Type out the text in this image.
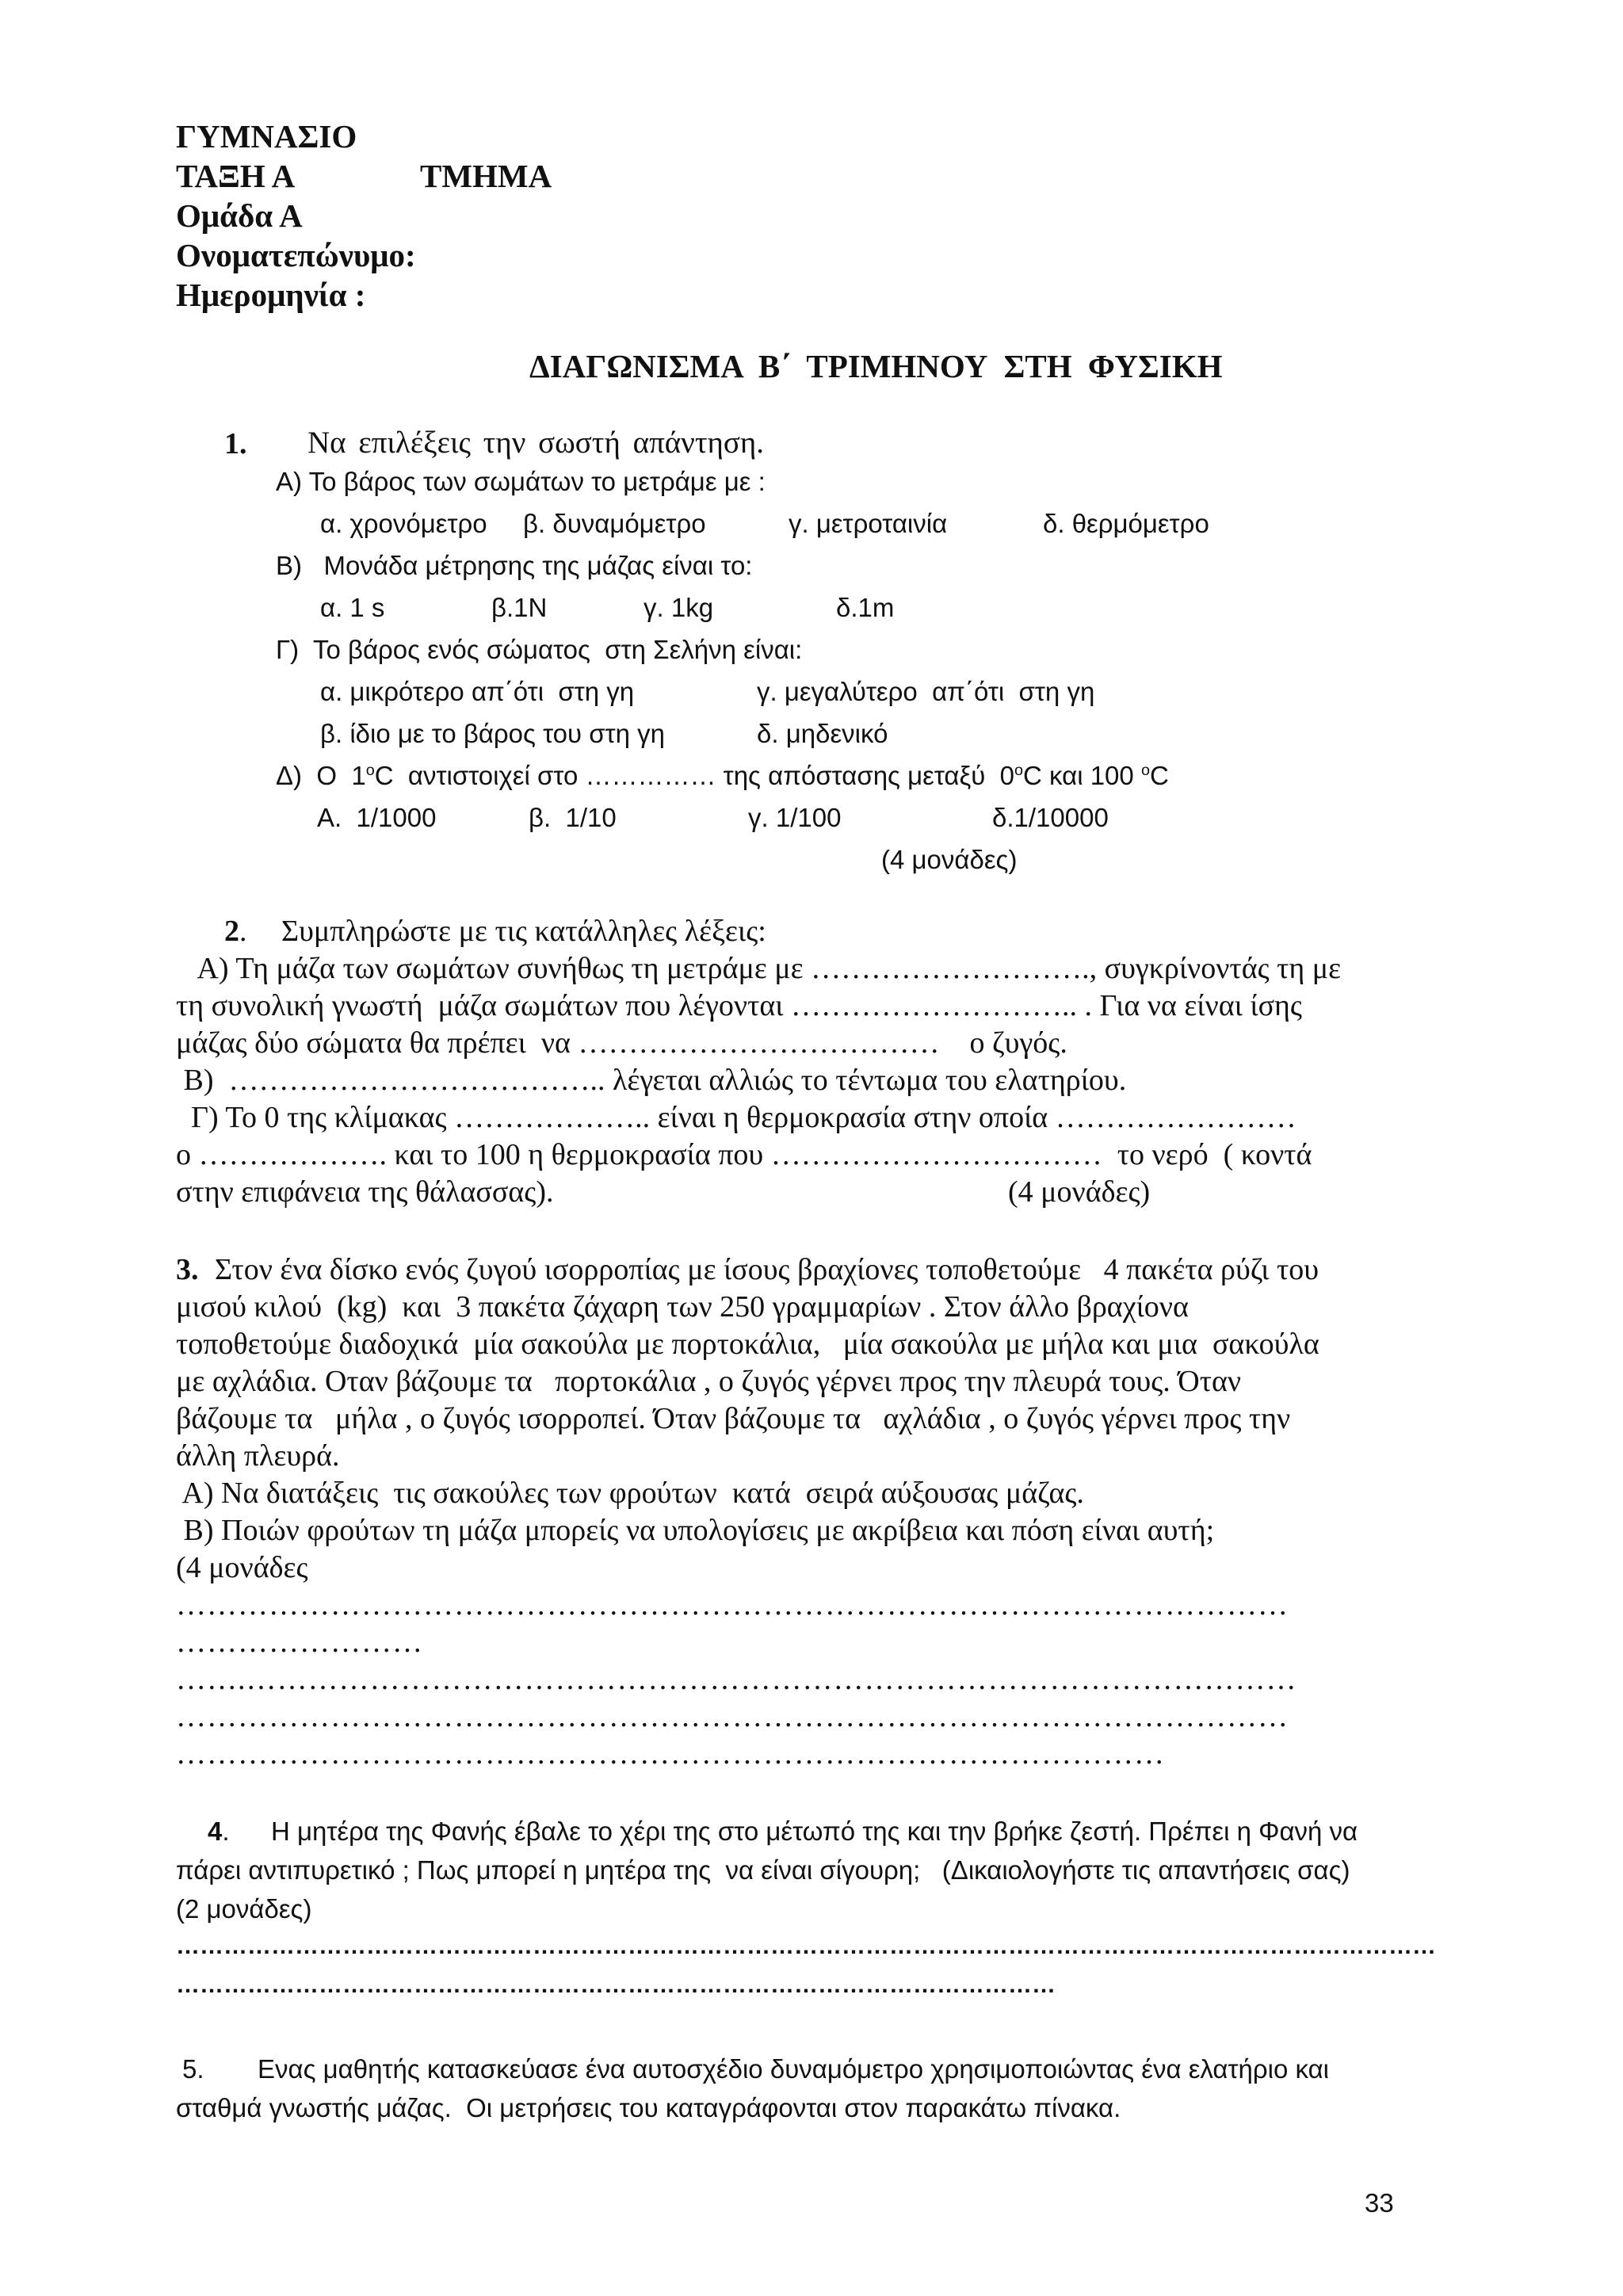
ΓΥΜΝΑΣΙΟ
ΤΑΞΗ Α	ΤΜΗΜΑ
Ομάδα Α
Ονοματεπώνυμο:
Ημερομηνία :
ΔΙΑΓΩΝΙΣΜΑ Β΄ ΤΡΙΜΗΝΟΥ ΣΤΗ ΦΥΣΙΚΗ
1. Να επιλέξεις την σωστή απάντηση.
Α) Το βάρος των σωμάτων το μετράμε με :
α. χρονόμετρο β. δυναμόμετρο	γ. μετροταινία	δ. θερμόμετρο
Β)   Μονάδα μέτρησης της μάζας είναι το:
α. 1 s	β.1Ν	γ. 1kg	δ.1m
Γ)  Το βάρος ενός σώματος  στη Σελήνη είναι:
α. μικρότερο απ΄ότι  στη γη	γ. μεγαλύτερο  απ΄ότι  στη γη
β. ίδιο με το βάρος του στη γη	δ. μηδενικό
Δ)  Ο  $1^oC$  αντιστοιχεί στο …………… της απόστασης μεταξύ  $0^oC$ και 100 $^o$C
Α.  1/1000	β.  1/10	γ. 1/100	δ.1/10000
(4 μονάδες)
2. Συμπληρώστε με τις κατάλληλες λέξεις:
Α) Τη μάζα των σωμάτων συνήθως τη μετράμε με ………………………., συγκρίνοντάς τη με
τη συνολική γνωστή  μάζα σωμάτων που λέγονται ……………………….. . Για να είναι ίσης
μάζας δύο σώματα θα πρέπει  να ………………………………    ο ζυγός.
Β)  ……………………………….. λέγεται αλλιώς το τέντωμα του ελατηρίου.
Γ) Το 0 της κλίμακας ……………….. είναι η θερμοκρασία στην οποία ……………………
ο ………………. και το 100 η θερμοκρασία που ……………………………  το νερό  ( κοντά
στην επιφάνεια της θάλασσας).	(4 μονάδες)
3. Στον ένα δίσκο ενός ζυγού ισορροπίας με ίσους βραχίονες τοποθετούμε   4 πακέτα ρύζι του
μισού κιλού  (kg)  και  3 πακέτα ζάχαρη των 250 γραμμαρίων . Στον άλλο βραχίονα
τοποθετούμε διαδοχικά  μία σακούλα με πορτοκάλια,   μία σακούλα με μήλα και μια  σακούλα
με αχλάδια. Οταν βάζουμε τα   πορτοκάλια , ο ζυγός γέρνει προς την πλευρά τους. Όταν
βάζουμε τα   μήλα , ο ζυγός ισορροπεί. Όταν βάζουμε τα   αχλάδια , ο ζυγός γέρνει προς την
άλλη πλευρά.
Α) Να διατάξεις  τις σακούλες των φρούτων  κατά  σειρά αύξουσας μάζας.
Β) Ποιών φρούτων τη μάζα μπορείς να υπολογίσεις με ακρίβεια και πόση είναι αυτή;
(4 μονάδες
………………………………………………………………………………………………
……………………
…….…………………………………………………………………………………………
………………………………………………………………………………………………
……………………………………………………………………………………
4. Η μητέρα της Φανής έβαλε το χέρι της στο μέτωπό της και την βρήκε ζεστή. Πρέπει η Φανή να
πάρει αντιπυρετικό ; Πως μπορεί η μητέρα της  να είναι σίγουρη;   (Δικαιολογήστε τις απαντήσεις σας)
(2 μονάδες)
……………………………………………………………………………………………………………………………………………
…………………………………………………………………………………………………
5. Ενας μαθητής κατασκεύασε ένα αυτοσχέδιο δυναμόμετρο χρησιμοποιώντας ένα ελατήριο και
σταθμά γνωστής μάζας.  Οι μετρήσεις του καταγράφονται στον παρακάτω πίνακα.
33
